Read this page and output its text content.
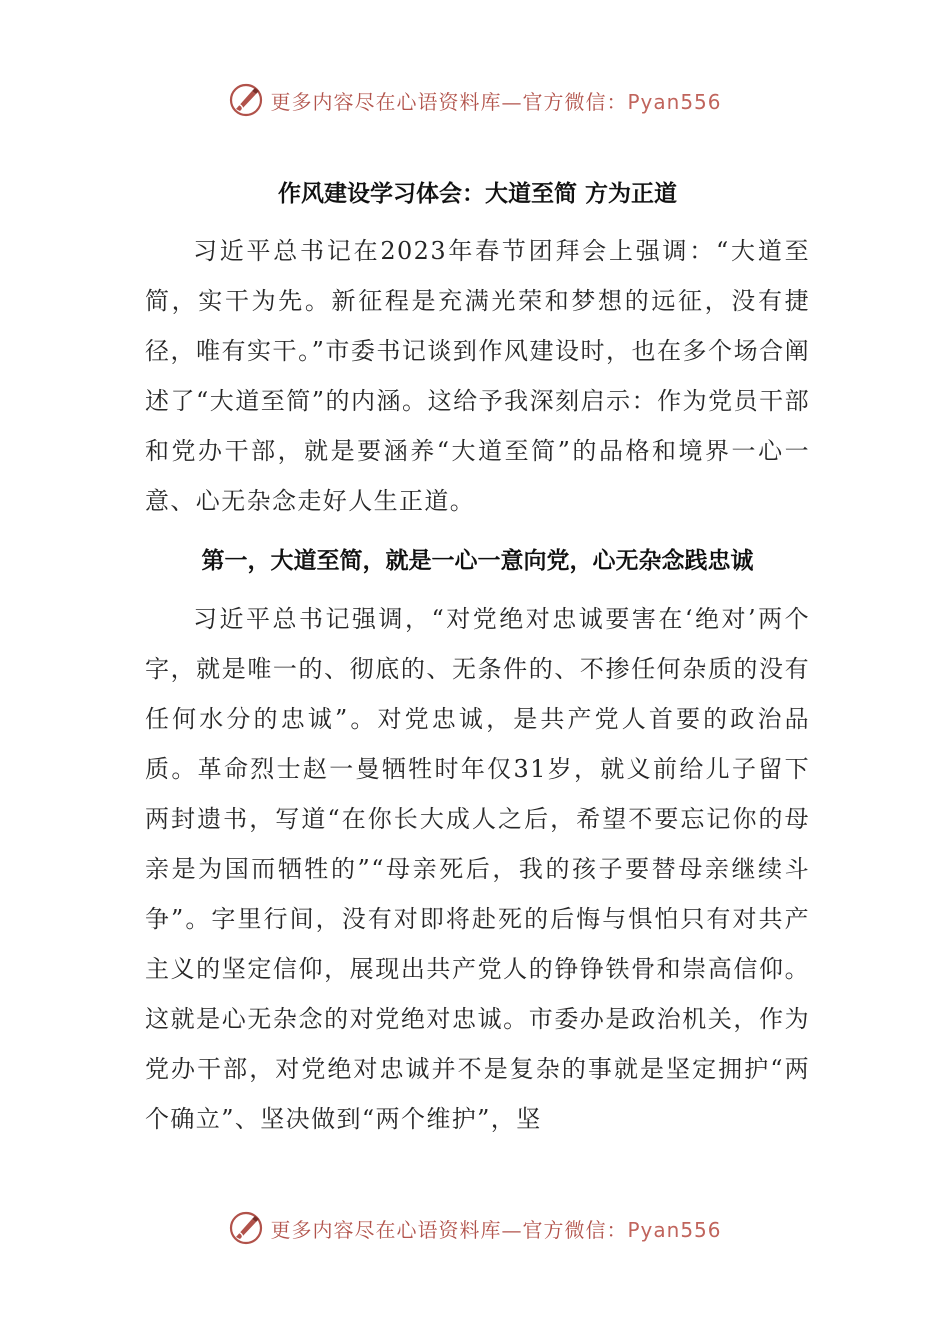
更多内容尽在心语资料库—官方微信：Pyan556
作风建设学习体会：大道至简 方为正道

习近平总书记在2023年春节团拜会上强调：“大道至简，实干为先。新征程是充满光荣和梦想的远征，没有捷径，唯有实干。”市委书记谈到作风建设时，也在多个场合阐述了“大道至简”的内涵。这给予我深刻启示：作为党员干部和党办干部，就是要涵养“大道至简”的品格和境界一心一意、心无杂念走好人生正道。

第一，大道至简，就是一心一意向党，心无杂念践忠诚

习近平总书记强调，“对党绝对忠诚要害在‘绝对’两个字，就是唯一的、彻底的、无条件的、不掺任何杂质的没有任何水分的忠诚”。对党忠诚，是共产党人首要的政治品质。革命烈士赵一曼牺牲时年仅31岁，就义前给儿子留下两封遗书，写道“在你长大成人之后，希望不要忘记你的母亲是为国而牺牲的”“母亲死后，我的孩子要替母亲继续斗争”。字里行间，没有对即将赴死的后悔与惧怕只有对共产主义的坚定信仰，展现出共产党人的铮铮铁骨和崇高信仰。这就是心无杂念的对党绝对忠诚。市委办是政治机关，作为党办干部，对党绝对忠诚并不是复杂的事就是坚定拥护“两个确立”、坚决做到“两个维护”，坚

更多内容尽在心语资料库—官方微信：Pyan556
